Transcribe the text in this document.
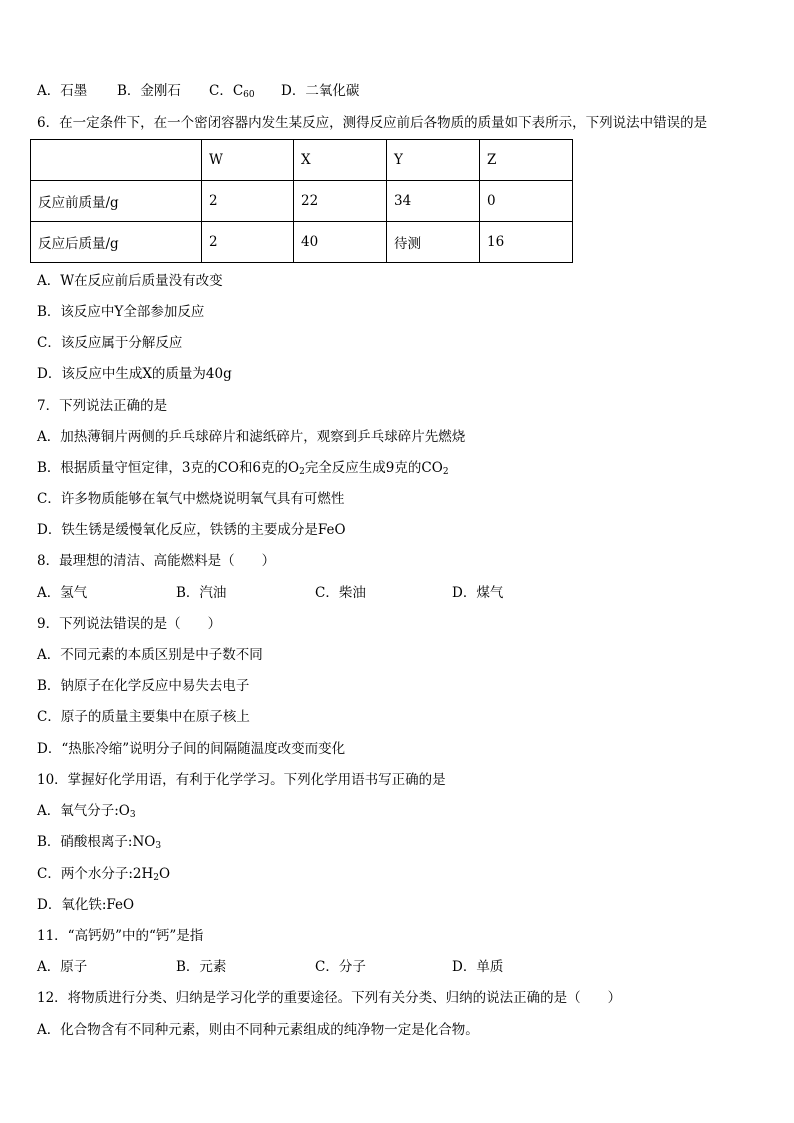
A．石墨 B．金刚石 C．$C_{60}$ D．二氧化碳
6．在一定条件下，在一个密闭容器内发生某反应，测得反应前后各物质的质量如下表所示，下列说法中错误的是
	W	X	Y	Z
反应前质量/g	2	22	34	0
反应后质量/g	2	40	待测	16
A．W在反应前后质量没有改变
B．该反应中Y全部参加反应
C．该反应属于分解反应
D．该反应中生成X的质量为40g
7．下列说法正确的是
A．加热薄铜片两侧的乒乓球碎片和滤纸碎片，观察到乒乓球碎片先燃烧
B．根据质量守恒定律，3克的CO和6克的$O_2$完全反应生成9克的$CO_2$
C．许多物质能够在氧气中燃烧说明氧气具有可燃性
D．铁生锈是缓慢氧化反应，铁锈的主要成分是FeO
8．最理想的清洁、高能燃料是（　　）
A．氢气	B．汽油	C．柴油	D．煤气
9．下列说法错误的是（　　）
A．不同元素的本质区别是中子数不同
B．钠原子在化学反应中易失去电子
C．原子的质量主要集中在原子核上
D．“热胀冷缩”说明分子间的间隔随温度改变而变化
10．掌握好化学用语，有利于化学学习。下列化学用语书写正确的是
A．氧气分子$:O_3$
B．硝酸根离子$:NO_3$
C．两个水分子$:2H_2O$
D．氧化铁:FeO
11．“高钙奶”中的“钙”是指
A．原子	B．元素	C．分子	D．单质
12．将物质进行分类、归纳是学习化学的重要途径。下列有关分类、归纳的说法正确的是（　　）
A．化合物含有不同种元素，则由不同种元素组成的纯净物一定是化合物。
